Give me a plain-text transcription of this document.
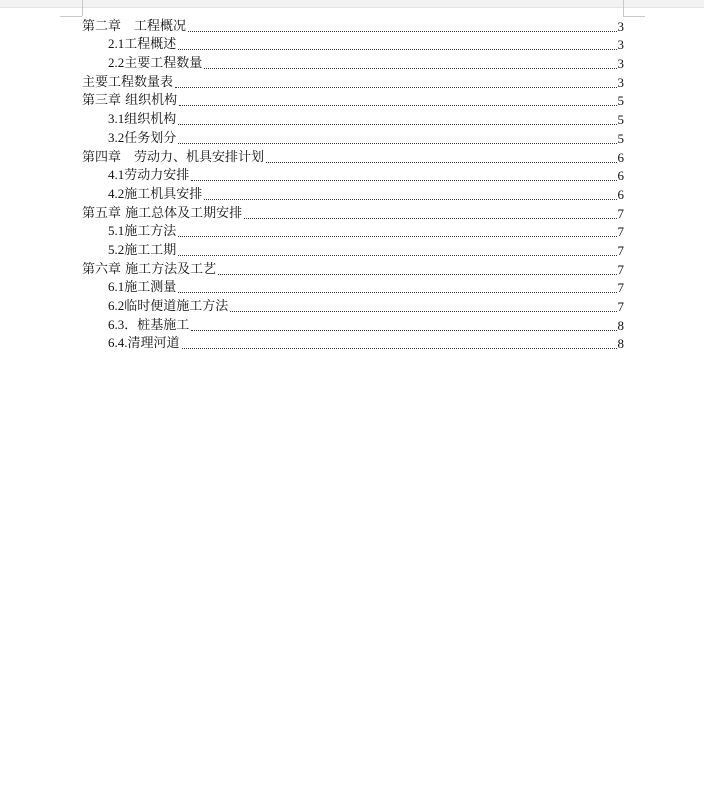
第二章　工程概况	3
2.1工程概述	3
2.2主要工程数量	3
主要工程数量表	3
第三章 组织机构	5
3.1组织机构	5
3.2任务划分	5
第四章　劳动力、机具安排计划	6
4.1劳动力安排	6
4.2施工机具安排	6
第五章 施工总体及工期安排	7
5.1施工方法	7
5.2施工工期	7
第六章 施工方法及工艺	7
6.1施工测量	7
6.2临时便道施工方法	7
6.3．桩基施工	8
6.4.清理河道	8
